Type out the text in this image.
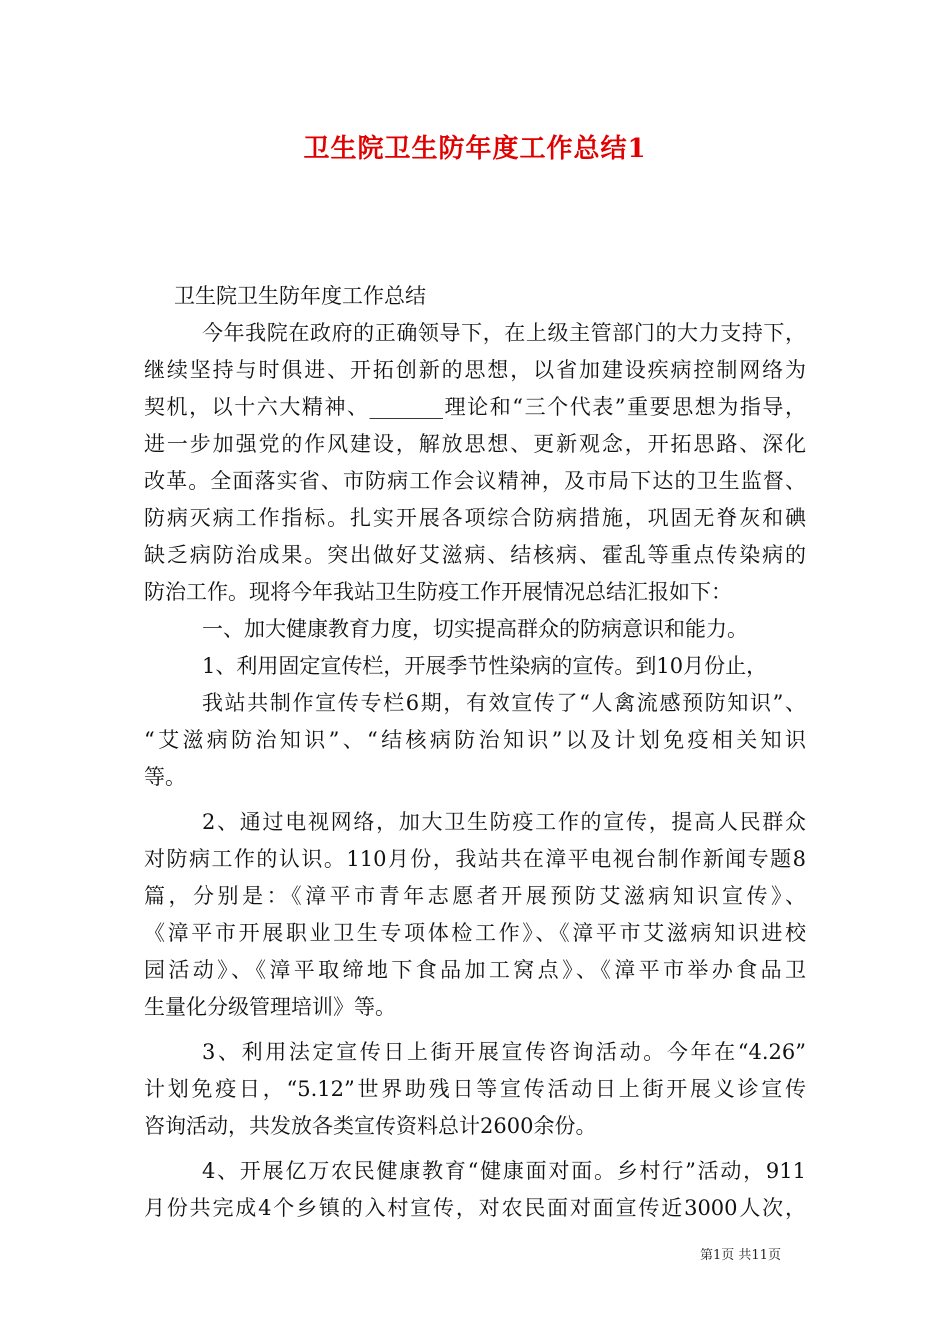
卫生院卫生防年度工作总结1
卫生院卫生防年度工作总结
今年我院在政府的正确领导下，在上级主管部门的大力支持下，
继续坚持与时俱进、开拓创新的思想，以省加建设疾病控制网络为
契机，以十六大精神、_______理论和“三个代表”重要思想为指导，
进一步加强党的作风建设，解放思想、更新观念，开拓思路、深化
改革。全面落实省、市防病工作会议精神，及市局下达的卫生监督、
防病灭病工作指标。扎实开展各项综合防病措施，巩固无脊灰和碘
缺乏病防治成果。突出做好艾滋病、结核病、霍乱等重点传染病的
防治工作。现将今年我站卫生防疫工作开展情况总结汇报如下：
一、加大健康教育力度，切实提高群众的防病意识和能力。
1、利用固定宣传栏，开展季节性染病的宣传。到10月份止，
我站共制作宣传专栏6期，有效宣传了“人禽流感预防知识”、
“艾滋病防治知识”、“结核病防治知识”以及计划免疫相关知识
等。
2、通过电视网络，加大卫生防疫工作的宣传，提高人民群众
对防病工作的认识。110月份，我站共在漳平电视台制作新闻专题8
篇，分别是：《漳平市青年志愿者开展预防艾滋病知识宣传》、
《漳平市开展职业卫生专项体检工作》、《漳平市艾滋病知识进校
园活动》、《漳平取缔地下食品加工窝点》、《漳平市举办食品卫
生量化分级管理培训》等。
3、利用法定宣传日上街开展宣传咨询活动。今年在“4.26”
计划免疫日，“5.12”世界助残日等宣传活动日上街开展义诊宣传
咨询活动，共发放各类宣传资料总计2600余份。
4、开展亿万农民健康教育“健康面对面。乡村行”活动，911
月份共完成4个乡镇的入村宣传，对农民面对面宣传近3000人次，
第1页 共11页
